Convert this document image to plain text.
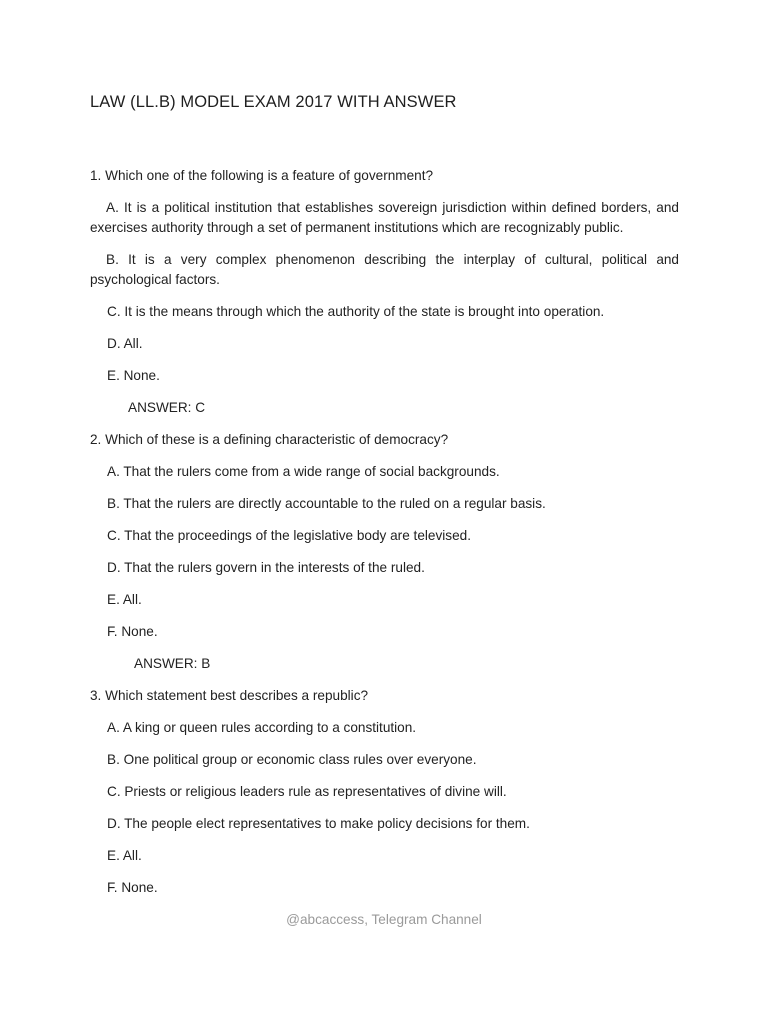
LAW (LL.B) MODEL EXAM 2017 WITH ANSWER
1. Which one of the following is a feature of government?
A. It is a political institution that establishes sovereign jurisdiction within defined borders, and exercises authority through a set of permanent institutions which are recognizably public.
B. It is a very complex phenomenon describing the interplay of cultural, political and psychological factors.
C. It is the means through which the authority of the state is brought into operation.
D. All.
E. None.
ANSWER: C
2. Which of these is a defining characteristic of democracy?
A. That the rulers come from a wide range of social backgrounds.
B. That the rulers are directly accountable to the ruled on a regular basis.
C. That the proceedings of the legislative body are televised.
D. That the rulers govern in the interests of the ruled.
E. All.
F. None.
ANSWER: B
3. Which statement best describes a republic?
A. A king or queen rules according to a constitution.
B. One political group or economic class rules over everyone.
C. Priests or religious leaders rule as representatives of divine will.
D. The people elect representatives to make policy decisions for them.
E. All.
F. None.
@abcaccess, Telegram Channel
